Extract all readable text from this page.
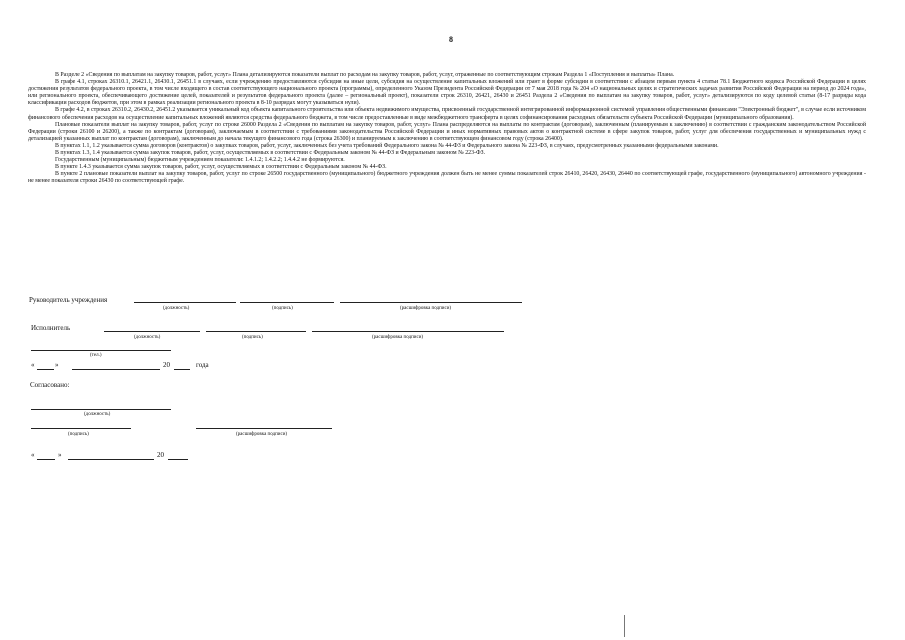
8

В Разделе 2 «Сведения по выплатам на закупку товаров, работ, услуг» Плана детализируются показатели выплат по расходам на закупку товаров, работ, услуг, отраженные по соответствующим строкам Раздела 1 «Поступления и выплаты» Плана.

В графе 4.1, строках 26310.1, 26421.1, 26430.1, 26451.1 в случаях, если учреждению предоставляются субсидия на иные цели, субсидия на осуществление капитальных вложений или грант в форме субсидии в соответствии с абзацем первым пункта 4 статьи 78.1 Бюджетного кодекса Российской Федерации в целях достижения результатов федерального проекта, в том числе входящего в состав соответствующего национального проекта (программы), определенного Указом Президента Российской Федерации от 7 мая 2018 года № 204 «О национальных целях и стратегических задачах развития Российской Федерации на период до 2024 года», или регионального проекта, обеспечивающего достижение целей, показателей и результатов федерального проекта (далее – региональный проект), показатели строк 26310, 26421, 26430 и 26451 Раздела 2 «Сведения по выплатам на закупку товаров, работ, услуг» детализируются по коду целевой статьи (8-17 разряды кода классификации расходов бюджетов, при этом в рамках реализации регионального проекта в 8-10 разрядах могут указываться нули).

В графе 4.2, в строках 26310.2, 26430.2, 26451.2 указывается уникальный код объекта капитального строительства или объекта недвижимого имущества, присвоенный государственной интегрированной информационной системой управления общественными финансами "Электронный бюджет", в случае если источником финансового обеспечения расходов на осуществление капитальных вложений являются средства федерального бюджета, в том числе предоставленные в виде межбюджетного трансферта в целях софинансирования расходных обязательств субъекта Российской Федерации (муниципального образования).

Плановые показатели выплат на закупку товаров, работ, услуг по строке 26000 Раздела 2 «Сведения по выплатам на закупку товаров, работ, услуг» Плана распределяются на выплаты по контрактам (договорам), заключенным (планируемым к заключению) в соответствии с гражданским законодательством Российской Федерации (строки 26100 и 26200), а также по контрактам (договорам), заключаемым в соответствии с требованиями законодательства Российской Федерации и иных нормативных правовых актов о контрактной системе в сфере закупок товаров, работ, услуг для обеспечения государственных и муниципальных нужд с детализацией указанных выплат по контрактам (договорам), заключенным до начала текущего финансового года (строка 26300) и планируемым к заключению в соответствующем финансовом году (строка 26400).

В пунктах 1.1, 1.2 указывается сумма договоров (контрактов) о закупках товаров, работ, услуг, заключенных без учета требований Федерального закона № 44-ФЗ и Федерального закона № 223-ФЗ, в случаях, предусмотренных указанными федеральными законами.

В пунктах 1.3, 1.4 указывается сумма закупок товаров, работ, услуг, осуществляемых в соответствии с Федеральным законом № 44-ФЗ и Федеральным законом № 223-ФЗ.

Государственным (муниципальным) бюджетным учреждением показатели: 1.4.1.2; 1.4.2.2; 1.4.4.2 не формируются.

В пункте 1.4.3 указывается сумма закупок товаров, работ, услуг, осуществляемых в соответствии с Федеральным законом № 44-ФЗ.

В пункте 2 плановые показатели выплат на закупку товаров, работ, услуг по строке 26500 государственного (муниципального) бюджетного учреждения должен быть не менее суммы показателей строк 26410, 26420, 26430, 26440 по соответствующей графе, государственного (муниципального) автономного учреждения - не менее показателя строки 26430 по соответствующей графе.

Руководитель учреждения
(должность)	(подпись)	(расшифровка подписи)
Исполнитель
(должность)	(подпись)	(расшифровка подписи)
(тел.)
«	»	20	года
Согласовано:
(должность)
(подпись)	(расшифровка подписи)
«	»	20
